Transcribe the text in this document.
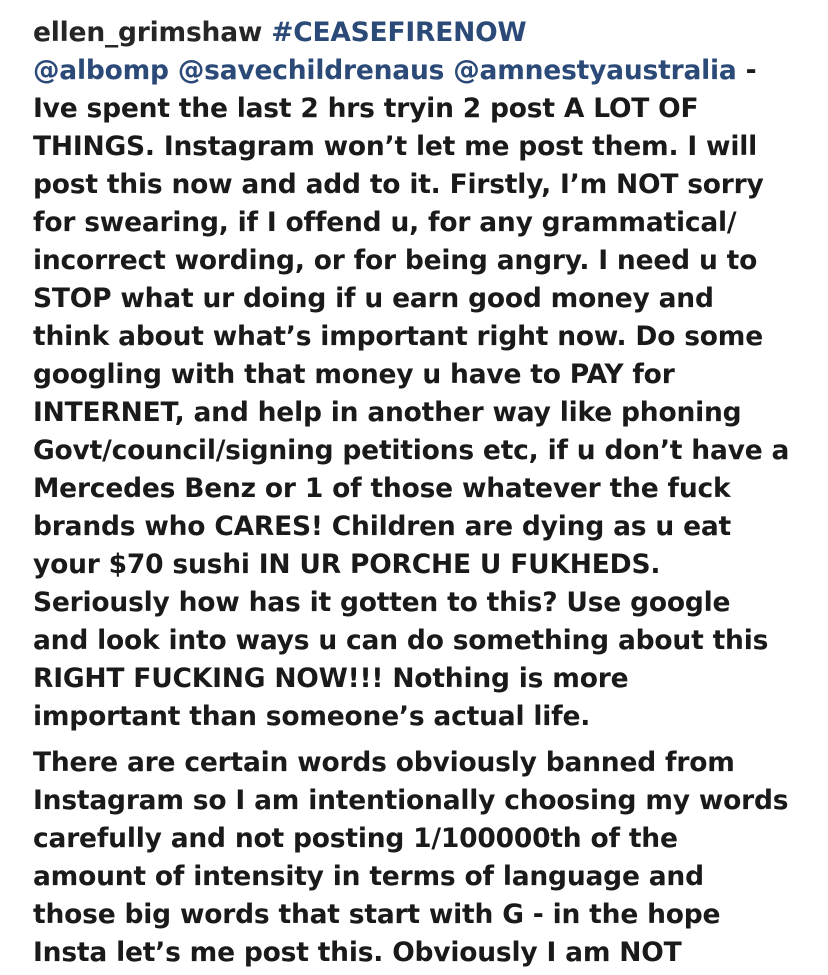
ellen_grimshaw #CEASEFIRENOW
@albomp @savechildrenaus @amnestyaustralia -
Ive spent the last 2 hrs tryin 2 post A LOT OF
THINGS. Instagram won’t let me post them. I will
post this now and add to it. Firstly, I’m NOT sorry
for swearing, if I offend u, for any grammatical/
incorrect wording, or for being angry. I need u to
STOP what ur doing if u earn good money and
think about what’s important right now. Do some
googling with that money u have to PAY for
INTERNET, and help in another way like phoning
Govt/council/signing petitions etc, if u don’t have a
Mercedes Benz or 1 of those whatever the fuck
brands who CARES! Children are dying as u eat
your $70 sushi IN UR PORCHE U FUKHEDS.
Seriously how has it gotten to this? Use google
and look into ways u can do something about this
RIGHT FUCKING NOW!!! Nothing is more
important than someone’s actual life.
There are certain words obviously banned from
Instagram so I am intentionally choosing my words
carefully and not posting 1/100000th of the
amount of intensity in terms of language and
those big words that start with G - in the hope
Insta let’s me post this. Obviously I am NOT
